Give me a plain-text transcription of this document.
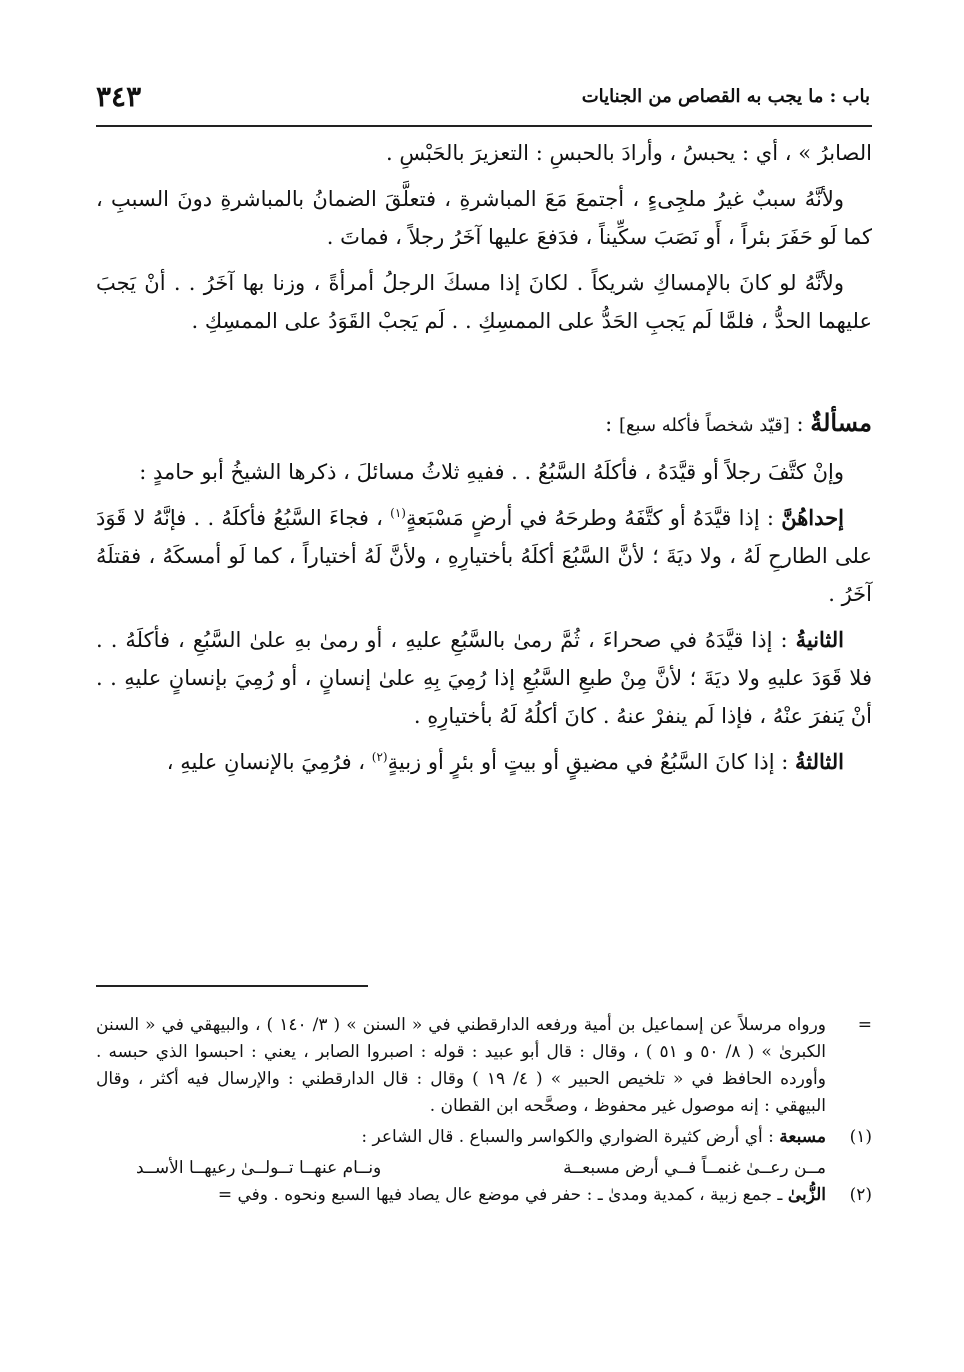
باب : ما يجب به القصاص من الجنايات
٣٤٣

الصابرُ » ، أي : يحبسُ ، وأرادَ بالحبسِ : التعزيرَ بالحَبْسِ .

ولأنَّهُ سببٌ غيرُ ملجِىءٍ ، أجتمعَ مَعَ المباشرةِ ، فتعلَّقَ الضمانُ بالمباشرةِ دونَ السببِ ، كما لَو حَفَرَ بئراً ، أَو نَصَبَ سكِّيناً ، فدَفعَ عليها آخَرُ رجلاً ، فماتَ .

ولأنَّهُ لو كانَ بالإمساكِ شريكاً . لكانَ إذا مسكَ الرجلُ أمرأةً ، وزنا بها آخَرُ . . أنْ يَجبَ عليهما الحدُّ ، فلمَّا لَم يَجبِ الحَدُّ على الممسِكِ . . لَم يَجبْ القَوَدُ على الممسِكِ .

مسألةٌ : [قيّد شخصاً فأكله سبع] :

وإنْ كتَّفَ رجلاً أو قيَّدَهُ ، فأكلَهُ السَّبُعُ . . ففيهِ ثلاثُ مسائلَ ، ذكرها الشيخُ أبو حامدٍ :

إحداهُنَّ : إذا قيَّدَهُ أو كتَّفَهُ وطرحَهُ في أرضٍ مَسْبَعةٍ$^{(١)}$ ، فجاءَ السَّبُعُ فأكلَهُ . . فإنَّهُ لا قَوَدَ على الطارحِ لَهُ ، ولا ديَةَ ؛ لأنَّ السَّبُعَ أكلَهُ بأختيارِهِ ، ولأنَّ لَهُ أختياراً ، كما لَو أمسكَهُ ، فقتلَهُ آخَرُ .

الثانيةُ : إذا قيَّدَهُ في صحراءَ ، ثُمَّ رمىٰ بالسَّبُعِ عليهِ ، أو رمىٰ بهِ علىٰ السَّبُعِ ، فأكلَهُ . . فلا قَوَدَ عليهِ ولا ديَةَ ؛ لأنَّ مِنْ طبعِ السَّبُعِ إذا رُمِيَ بِهِ علىٰ إنسانٍ ، أو رُمِيَ بإنسانٍ عليهِ . . أنْ يَنفرَ عنْهُ ، فإذا لَم ينفرْ عنهُ . كانَ أكلُهُ لَهُ بأختيارِهِ .

الثالثةُ : إذا كانَ السَّبُعُ في مضيقٍ أو بيتٍ أو بئرٍ أو زبيةٍ$^{(٢)}$ ، فرُمِيَ بالإنسانِ عليهِ ،

=
ورواه مرسلاً عن إسماعيل بن أمية ورفعه الدارقطني في « السنن » ( ٣/ ١٤٠ ) ، والبيهقي في « السنن الكبرىٰ » ( ٨/ ٥٠ و ٥١ ) ، وقال : قال أبو عبيد : قوله : اصبروا الصابر ، يعني : احبسوا الذي حبسه . وأورده الحافظ في « تلخيص الحبير » ( ٤/ ١٩ ) وقال : قال الدارقطني : والإرسال فيه أكثر ، وقال البيهقي : إنه موصول غير محفوظ ، وصحَّحه ابن القطان .
(١)
مسبعة : أي أرض كثيرة الضواري والكواسر والسباع . قال الشاعر :
مــن رعــىٰ غنمــاً فــي أرض مسبعــة
ونــام عنهــا تــولــىٰ رعيهــا الأســد
(٢)
الزُّبىٰ ـ جمع زبية ، كمدية ومدىٰ ـ : حفر في موضع عال يصاد فيها السبع ونحوه . وفي =
